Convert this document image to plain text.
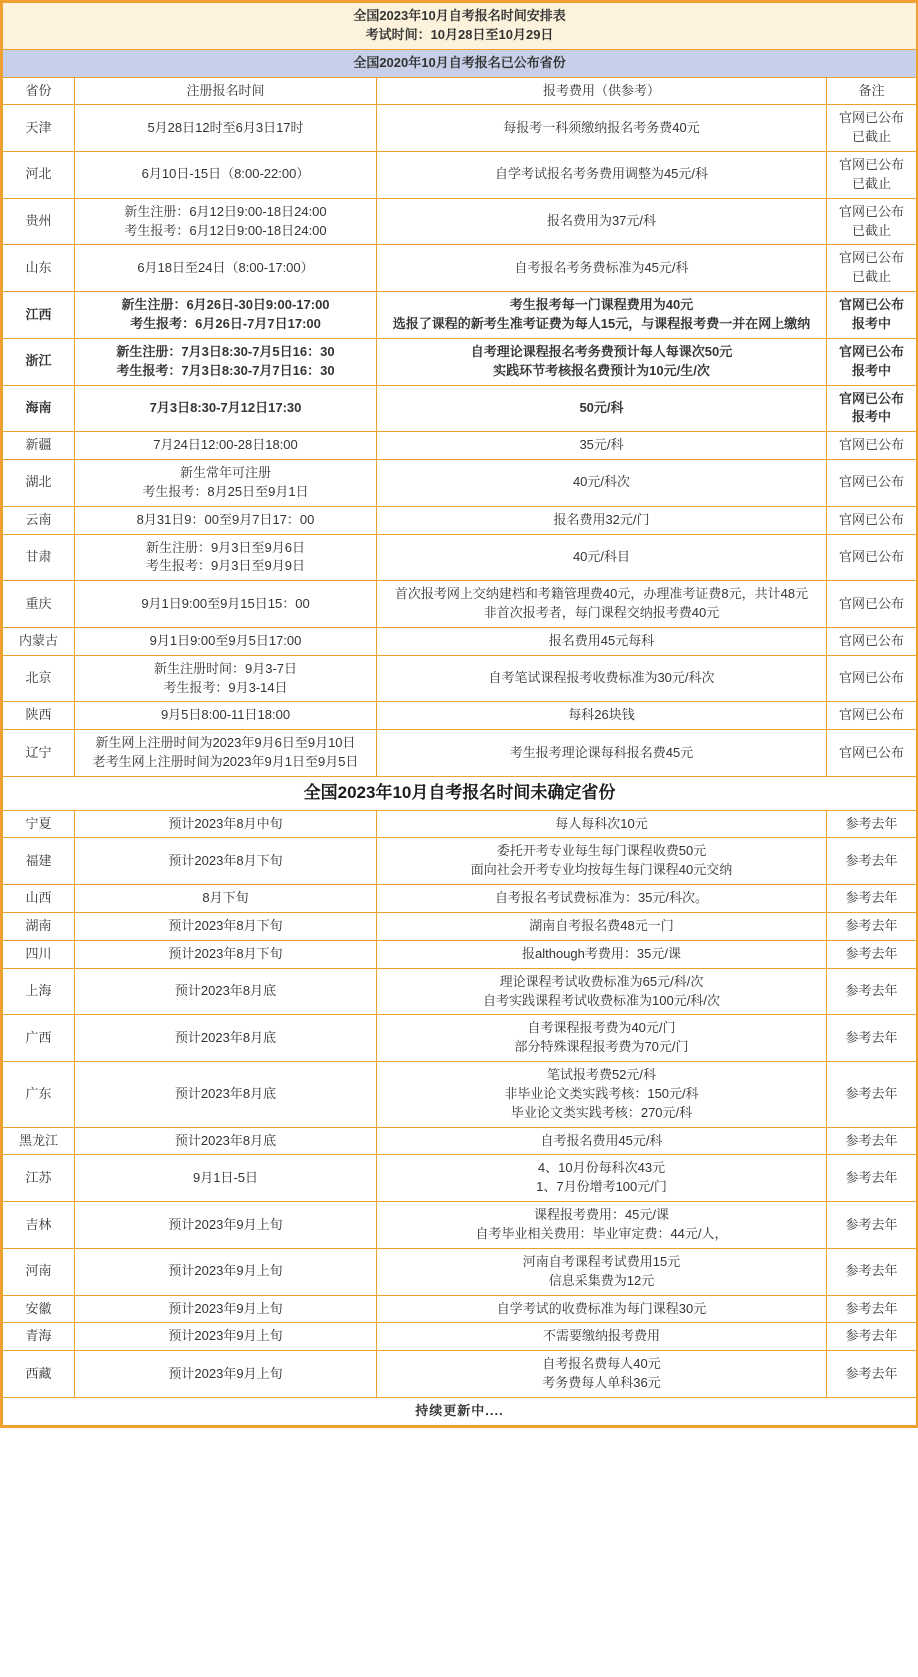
全国2023年10月自考报名时间安排表
考试时间：10月28日至10月29日			

全国2020年10月自考报名已公布省份			
省份	注册报名时间	报考费用（供参考）	备注
天津	5月28日12时至6月3日17时	每报考一科须缴纳报名考务费40元	官网已公布
已截止

河北	6月10日-15日（8:00-22:00）	自学考试报名考务费用调整为45元/科	官网已公布
已截止

贵州	新生注册：6月12日9:00-18日24:00
考生报考：6月12日9:00-18日24:00	报名费用为37元/科	官网已公布
已截止

山东	6月18日至24日（8:00-17:00）	自考报名考务费标准为45元/科	官网已公布
已截止

江西	新生注册：6月26日-30日9:00-17:00
考生报考：6月26日-7月7日17:00	考生报考每一门课程费用为40元
选报了课程的新考生准考证费为每人15元，与课程报考费一并在网上缴纳	官网已公布
报考中

浙江	新生注册：7月3日8:30-7月5日16：30
考生报考：7月3日8:30-7月7日16：30	自考理论课程报名考务费预计每人每课次50元
实践环节考核报名费预计为10元/生/次	官网已公布
报考中

海南	7月3日8:30-7月12日17:30	50元/科	官网已公布
报考中

新疆	7月24日12:00-28日18:00	35元/科	官网已公布

湖北	新生常年可注册
考生报考：8月25日至9月1日	40元/科次	官网已公布

云南	8月31日9：00至9月7日17：00	报名费用32元/门	官网已公布

甘肃	新生注册：9月3日至9月6日
考生报考：9月3日至9月9日	40元/科目	官网已公布

重庆	9月1日9:00至9月15日15：00	首次报考网上交纳建档和考籍管理费40元，办理准考证费8元，共计48元
非首次报考者，每门课程交纳报考费40元	官网已公布

内蒙古	9月1日9:00至9月5日17:00	报名费用45元每科	官网已公布

北京	新生注册时间：9月3-7日
考生报考：9月3-14日	自考笔试课程报考收费标准为30元/科次	官网已公布

陕西	9月5日8:00-11日18:00	每科26块钱	官网已公布

辽宁	新生网上注册时间为2023年9月6日至9月10日
老考生网上注册时间为2023年9月1日至9月5日	考生报考理论课每科报名费45元	官网已公布

全国2023年10月自考报名时间未确定省份			
宁夏	预计2023年8月中旬	每人每科次10元	参考去年

福建	预计2023年8月下旬	委托开考专业每生每门课程收费50元
面向社会开考专业均按每生每门课程40元交纳	参考去年

山西	8月下旬	自考报名考试费标准为：35元/科次。	参考去年

湖南	预计2023年8月下旬	湖南自考报名费48元一门	参考去年

四川	预计2023年8月下旬	报although考费用：35元/课	参考去年

上海	预计2023年8月底	理论课程考试收费标准为65元/科/次
自考实践课程考试收费标准为100元/科/次	参考去年

广西	预计2023年8月底	自考课程报考费为40元/门
部分特殊课程报考费为70元/门	参考去年

广东	预计2023年8月底	笔试报考费52元/科
非毕业论文类实践考核：150元/科
毕业论文类实践考核：270元/科	参考去年

黑龙江	预计2023年8月底	自考报名费用45元/科	参考去年

江苏	9月1日-5日	4、10月份每科次43元
1、7月份增考100元/门	参考去年

吉林	预计2023年9月上旬	课程报考费用：45元/课
自考毕业相关费用：毕业审定费：44元/人，	参考去年

河南	预计2023年9月上旬	河南自考课程考试费用15元
信息采集费为12元	参考去年

安徽	预计2023年9月上旬	自学考试的收费标准为每门课程30元	参考去年

青海	预计2023年9月上旬	不需要缴纳报考费用	参考去年

西藏	预计2023年9月上旬	自考报名费每人40元
考务费每人单科36元	参考去年

持续更新中....			
